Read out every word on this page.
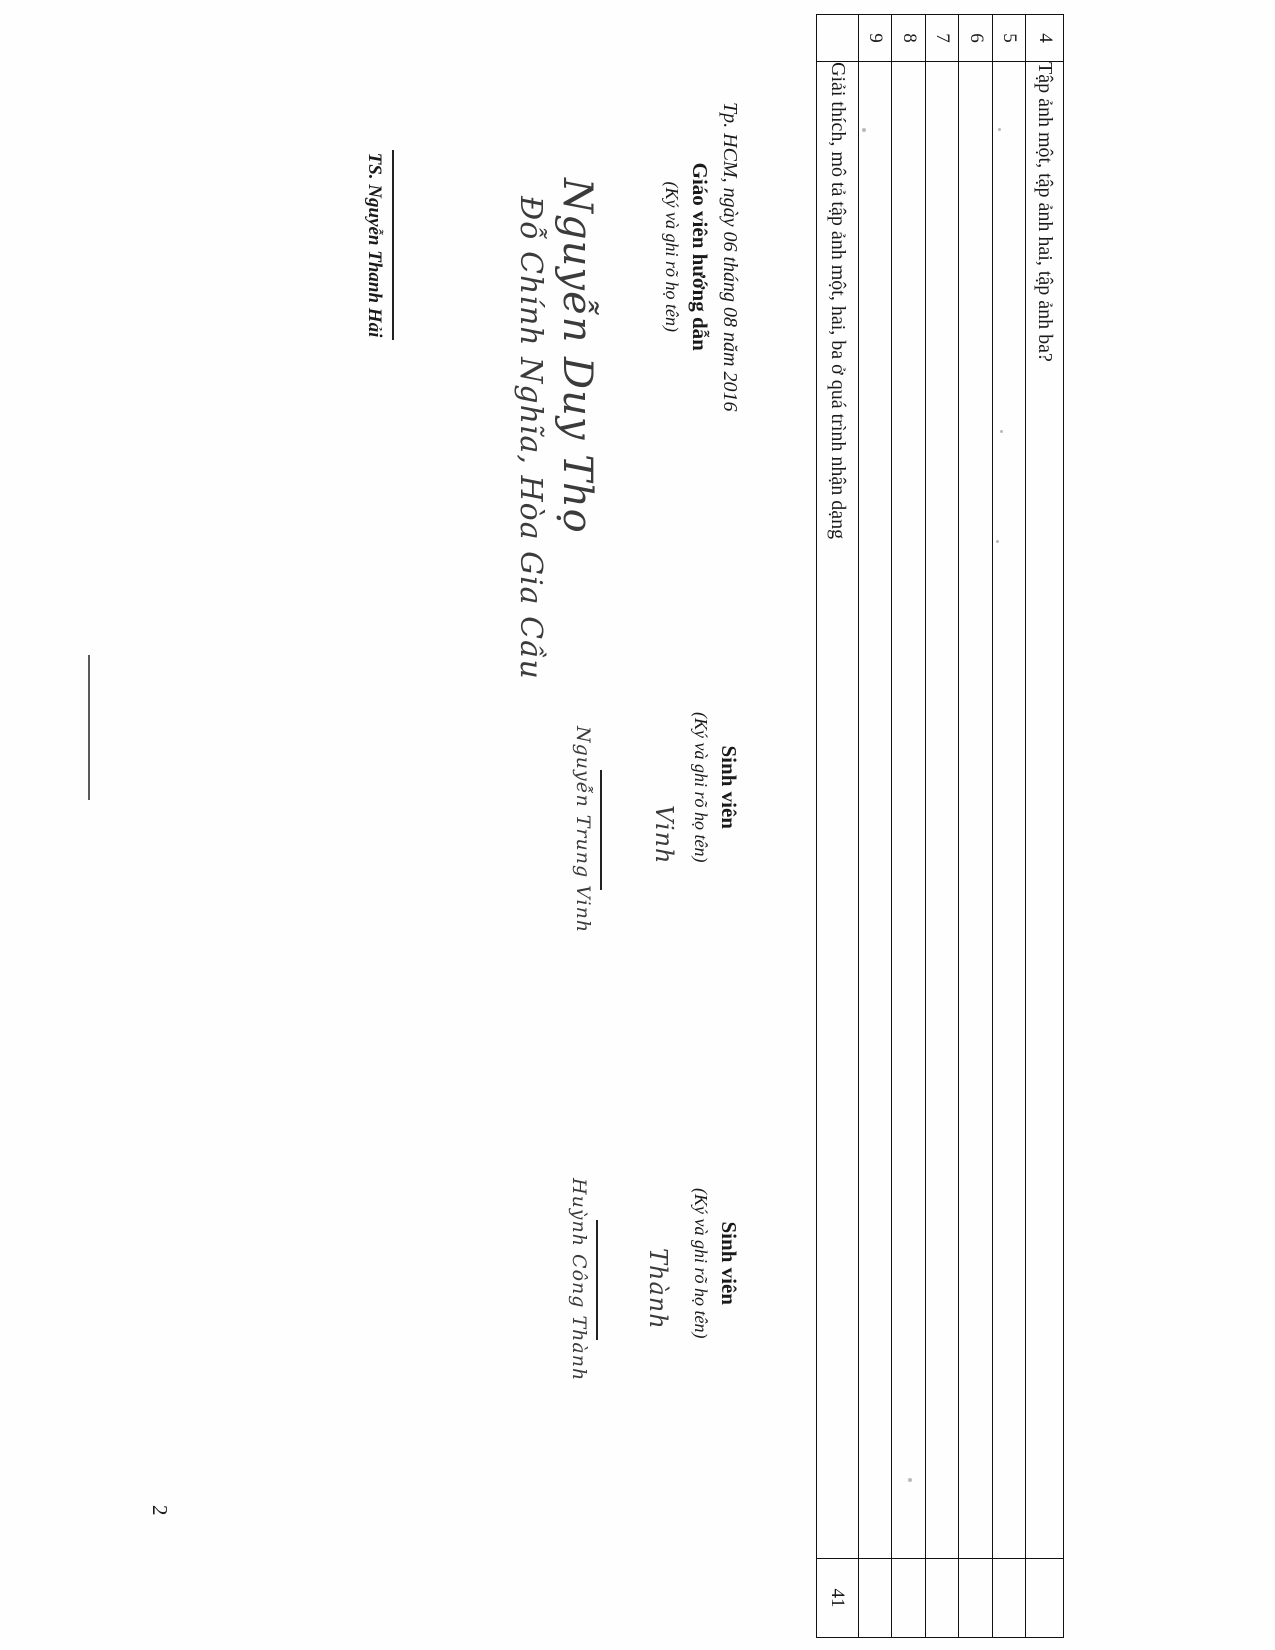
4	Tập ảnh một, tập ảnh hai, tập ảnh ba?	
5		
6		
7		
8		
9		
	Giải thích, mô tả tập ảnh một, hai, ba ở quá trình nhận dạng	41
Tp. HCM, ngày 06 tháng 08 năm 2016
Giáo viên hướng dẫn
(Ký và ghi rõ họ tên)
Nguyễn Duy Thọ
Đỗ Chính Nghĩa, Hòa Gia Cầu
TS. Nguyễn Thanh Hải
Sinh viên
(Ký và ghi rõ họ tên)
Vinh
Nguyễn Trung Vinh
Sinh viên
(Ký và ghi rõ họ tên)
Thành
Huỳnh Công Thành
2
